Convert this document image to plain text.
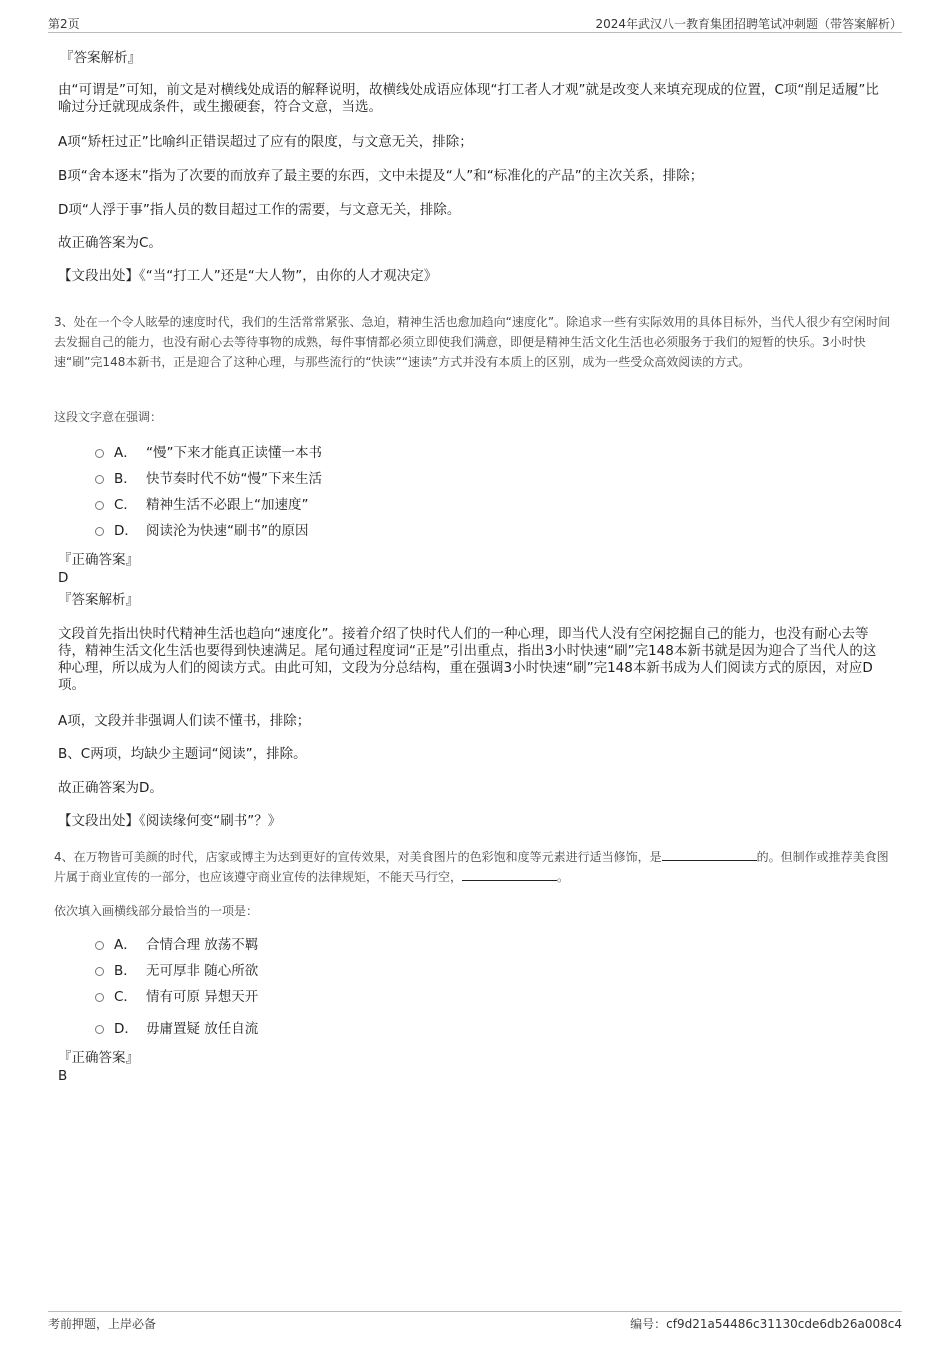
第2页	2024年武汉八一教育集团招聘笔试冲刺题（带答案解析）
『答案解析』
由“可谓是”可知，前文是对横线处成语的解释说明，故横线处成语应体现“打工者人才观”就是改变人来填充现成的位置，C项“削足适履”比喻过分迁就现成条件，或生搬硬套，符合文意，当选。
A项“矫枉过正”比喻纠正错误超过了应有的限度，与文意无关，排除；
B项“舍本逐末”指为了次要的而放弃了最主要的东西，文中未提及“人”和“标准化的产品”的主次关系，排除；
D项“人浮于事”指人员的数目超过工作的需要，与文意无关，排除。
故正确答案为C。
【文段出处】《“当“打工人”还是“大人物”，由你的人才观决定》
3、处在一个令人眩晕的速度时代，我们的生活常常紧张、急迫，精神生活也愈加趋向“速度化”。除追求一些有实际效用的具体目标外，当代人很少有空闲时间去发掘自己的能力，也没有耐心去等待事物的成熟，每件事情都必须立即使我们满意，即便是精神生活文化生活也必须服务于我们的短暂的快乐。3小时快速“刷”完148本新书，正是迎合了这种心理，与那些流行的“快读”“速读”方式并没有本质上的区别，成为一些受众高效阅读的方式。
这段文字意在强调：
A． “慢”下来才能真正读懂一本书
B． 快节奏时代不妨“慢”下来生活
C． 精神生活不必跟上“加速度”
D． 阅读沦为快速“刷书”的原因
『正确答案』
D
『答案解析』
文段首先指出快时代精神生活也趋向“速度化”。接着介绍了快时代人们的一种心理，即当代人没有空闲挖掘自己的能力，也没有耐心去等待，精神生活文化生活也要得到快速满足。尾句通过程度词“正是”引出重点，指出3小时快速“刷”完148本新书就是因为迎合了当代人的这种心理，所以成为人们的阅读方式。由此可知，文段为分总结构，重在强调3小时快速“刷”完148本新书成为人们阅读方式的原因，对应D项。
A项，文段并非强调人们读不懂书，排除；
B、C两项，均缺少主题词“阅读”，排除。
故正确答案为D。
【文段出处】《阅读缘何变“刷书”？》
4、在万物皆可美颜的时代，店家或博主为达到更好的宣传效果，对美食图片的色彩饱和度等元素进行适当修饰，是	的。但制作或推荐美食图片属于商业宣传的一部分，也应该遵守商业宣传的法律规矩，不能天马行空，	。
依次填入画横线部分最恰当的一项是：
A． 合情合理 放荡不羁
B． 无可厚非 随心所欲
C． 情有可原 异想天开
D． 毋庸置疑 放任自流
『正确答案』
B
考前押题，上岸必备	编号：cf9d21a54486c31130cde6db26a008c4
